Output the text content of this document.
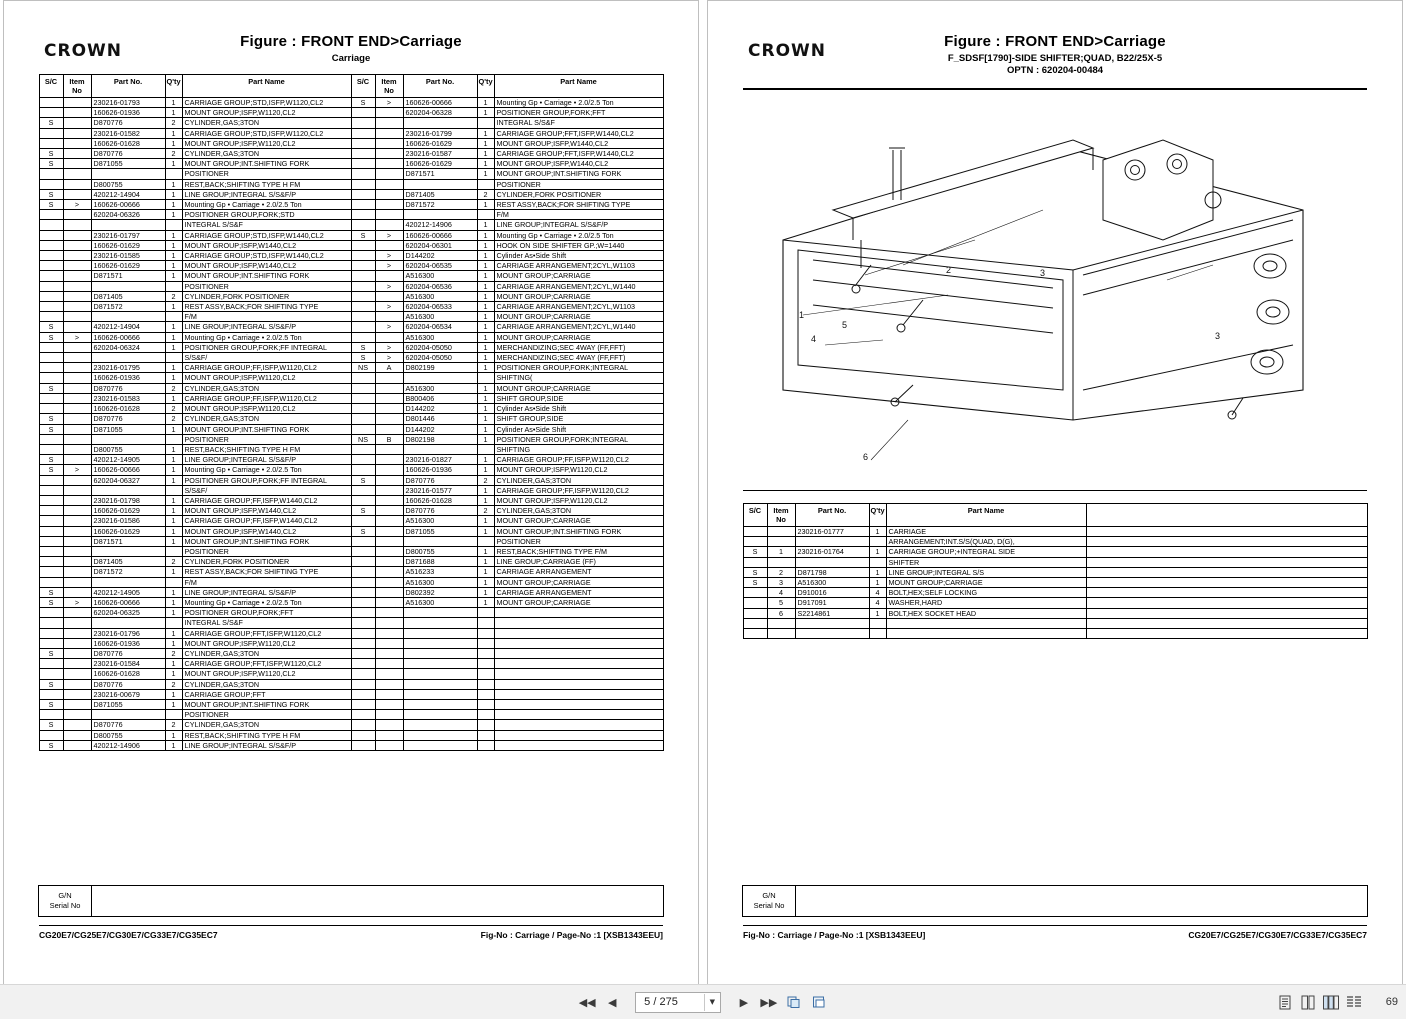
CROWN	Figure : FRONT END>Carriage
Carriage
S/C	Item No	Part No.	Q'ty	Part Name	S/C	Item No	Part No.	Q'ty	Part Name
		230216-01793	1	CARRIAGE GROUP;STD,ISFP,W1120,CL2	S	>	160626-00666	1	Mounting Gp • Carriage • 2.0/2.5 Ton
		160626-01936	1	MOUNT GROUP;ISFP,W1120,CL2			620204-06328	1	POSITIONER GROUP,FORK;FFT
S		D870776	2	CYLINDER,GAS;3TON					INTEGRAL S/S&F
		230216-01582	1	CARRIAGE GROUP;STD,ISFP,W1120,CL2			230216-01799	1	CARRIAGE GROUP;FFT,ISFP,W1440,CL2
		160626-01628	1	MOUNT GROUP;ISFP,W1120,CL2			160626-01629	1	MOUNT GROUP;ISFP,W1440,CL2
S		D870776	2	CYLINDER,GAS;3TON			230216-01587	1	CARRIAGE GROUP;FFT,ISFP,W1440,CL2
S		D871055	1	MOUNT GROUP;INT.SHIFTING FORK			160626-01629	1	MOUNT GROUP;ISFP,W1440,CL2
				POSITIONER			D871571	1	MOUNT GROUP;INT.SHIFTING FORK
		D800755	1	REST,BACK;SHIFTING TYPE H FM					POSITIONER
S		420212-14904	1	LINE GROUP;INTEGRAL S/S&F/P			D871405	2	CYLINDER,FORK POSITIONER
S	>	160626-00666	1	Mounting Gp • Carriage • 2.0/2.5 Ton			D871572	1	REST ASSY,BACK;FOR SHIFTING TYPE
		620204-06326	1	POSITIONER GROUP,FORK;STD					F/M
				INTEGRAL S/S&F			420212-14906	1	LINE GROUP;INTEGRAL S/S&F/P
		230216-01797	1	CARRIAGE GROUP;STD,ISFP,W1440,CL2	S	>	160626-00666	1	Mounting Gp • Carriage • 2.0/2.5 Ton
		160626-01629	1	MOUNT GROUP;ISFP,W1440,CL2			620204-06301	1	HOOK ON SIDE SHIFTER GP.;W=1440
		230216-01585	1	CARRIAGE GROUP;STD,ISFP,W1440,CL2		>	D144202	1	Cylinder As•Side Shift
		160626-01629	1	MOUNT GROUP;ISFP,W1440,CL2		>	620204-06535	1	CARRIAGE ARRANGEMENT;2CYL,W1103
		D871571	1	MOUNT GROUP;INT.SHIFTING FORK			A516300	1	MOUNT GROUP;CARRIAGE
				POSITIONER		>	620204-06536	1	CARRIAGE ARRANGEMENT;2CYL,W1440
		D871405	2	CYLINDER,FORK POSITIONER			A516300	1	MOUNT GROUP;CARRIAGE
		D871572	1	REST ASSY,BACK;FOR SHIFTING TYPE		>	620204-06533	1	CARRIAGE ARRANGEMENT;2CYL,W1103
				F/M			A516300	1	MOUNT GROUP;CARRIAGE
S		420212-14904	1	LINE GROUP;INTEGRAL S/S&F/P		>	620204-06534	1	CARRIAGE ARRANGEMENT;2CYL,W1440
S	>	160626-00666	1	Mounting Gp • Carriage • 2.0/2.5 Ton			A516300	1	MOUNT GROUP;CARRIAGE
		620204-06324	1	POSITIONER GROUP,FORK;FF INTEGRAL	S	>	620204-05050	1	MERCHANDIZING;SEC 4WAY (FF,FFT)
				S/S&F/	S	>	620204-05050	1	MERCHANDIZING;SEC 4WAY (FF,FFT)
		230216-01795	1	CARRIAGE GROUP;FF,ISFP,W1120,CL2	NS	A	D802199	1	POSITIONER GROUP,FORK;INTEGRAL
		160626-01936	1	MOUNT GROUP;ISFP,W1120,CL2					SHIFTING(
S		D870776	2	CYLINDER,GAS;3TON			A516300	1	MOUNT GROUP;CARRIAGE
		230216-01583	1	CARRIAGE GROUP;FF,ISFP,W1120,CL2			B800406	1	SHIFT GROUP,SIDE
		160626-01628	2	MOUNT GROUP;ISFP,W1120,CL2			D144202	1	Cylinder As•Side Shift
S		D870776	2	CYLINDER,GAS;3TON			D801446	1	SHIFT GROUP,SIDE
S		D871055	1	MOUNT GROUP;INT.SHIFTING FORK			D144202	1	Cylinder As•Side Shift
				POSITIONER	NS	B	D802198	1	POSITIONER GROUP,FORK;INTEGRAL
		D800755	1	REST,BACK;SHIFTING TYPE H FM					SHIFTING
S		420212-14905	1	LINE GROUP;INTEGRAL S/S&F/P			230216-01827	1	CARRIAGE GROUP;FF,ISFP,W1120,CL2
S	>	160626-00666	1	Mounting Gp • Carriage • 2.0/2.5 Ton			160626-01936	1	MOUNT GROUP;ISFP,W1120,CL2
		620204-06327	1	POSITIONER GROUP,FORK;FF INTEGRAL	S		D870776	2	CYLINDER,GAS;3TON
				S/S&F/			230216-01577	1	CARRIAGE GROUP;FF,ISFP,W1120,CL2
		230216-01798	1	CARRIAGE GROUP;FF,ISFP,W1440,CL2			160626-01628	1	MOUNT GROUP;ISFP,W1120,CL2
		160626-01629	1	MOUNT GROUP;ISFP,W1440,CL2	S		D870776	2	CYLINDER,GAS;3TON
		230216-01586	1	CARRIAGE GROUP;FF,ISFP,W1440,CL2			A516300	1	MOUNT GROUP;CARRIAGE
		160626-01629	1	MOUNT GROUP;ISFP,W1440,CL2	S		D871055	1	MOUNT GROUP;INT.SHIFTING FORK
		D871571	1	MOUNT GROUP;INT.SHIFTING FORK					POSITIONER
				POSITIONER			D800755	1	REST,BACK;SHIFTING TYPE F/M
		D871405	2	CYLINDER,FORK POSITIONER			D871688	1	LINE GROUP;CARRIAGE (FF)
		D871572	1	REST ASSY,BACK;FOR SHIFTING TYPE			A516233	1	CARRIAGE ARRANGEMENT
				F/M			A516300	1	MOUNT GROUP;CARRIAGE
S		420212-14905	1	LINE GROUP;INTEGRAL S/S&F/P			D802392	1	CARRIAGE ARRANGEMENT
S	>	160626-00666	1	Mounting Gp • Carriage • 2.0/2.5 Ton			A516300	1	MOUNT GROUP;CARRIAGE
		620204-06325	1	POSITIONER GROUP,FORK;FFT					
				INTEGRAL S/S&F					
		230216-01796	1	CARRIAGE GROUP;FFT,ISFP,W1120,CL2					
		160626-01936	1	MOUNT GROUP;ISFP,W1120,CL2					
S		D870776	2	CYLINDER,GAS;3TON					
		230216-01584	1	CARRIAGE GROUP;FFT,ISFP,W1120,CL2					
		160626-01628	1	MOUNT GROUP;ISFP,W1120,CL2					
S		D870776	2	CYLINDER,GAS;3TON					
		230216-00679	1	CARRIAGE GROUP;FFT					
S		D871055	1	MOUNT GROUP;INT.SHIFTING FORK					
				POSITIONER					
S		D870776	2	CYLINDER,GAS;3TON					
		D800755	1	REST,BACK;SHIFTING TYPE H FM					
S		420212-14906	1	LINE GROUP;INTEGRAL S/S&F/P					
G/N
Serial No
CG20E7/CG25E7/CG30E7/CG33E7/CG35EC7	Fig-No : Carriage / Page-No :1 [XSB1343EEU]
CROWN	Figure : FRONT END>Carriage
F_SDSF[1790]-SIDE SHIFTER;QUAD, B22/25X-5
OPTN : 620204-00484
1
2	3
4
5
6
3
S/C	Item No	Part No.	Q'ty	Part Name	
		230216-01777	1	CARRIAGE	
				ARRANGEMENT;INT.S/S(QUAD, D(G),	
S	1	230216-01764	1	CARRIAGE GROUP;+INTEGRAL SIDE	
				SHIFTER	
S	2	D871798	1	LINE GROUP;INTEGRAL S/S	
S	3	A516300	1	MOUNT GROUP;CARRIAGE	
	4	D910016	4	BOLT,HEX;SELF LOCKING	
	5	D917091	4	WASHER,HARD	
	6	S2214861	1	BOLT,HEX SOCKET HEAD	

G/N
Serial No
Fig-No : Carriage / Page-No :1 [XSB1343EEU]	CG20E7/CG25E7/CG30E7/CG33E7/CG35EC7
◀◀	◀	5 / 275	▼	▶	▶▶	69
